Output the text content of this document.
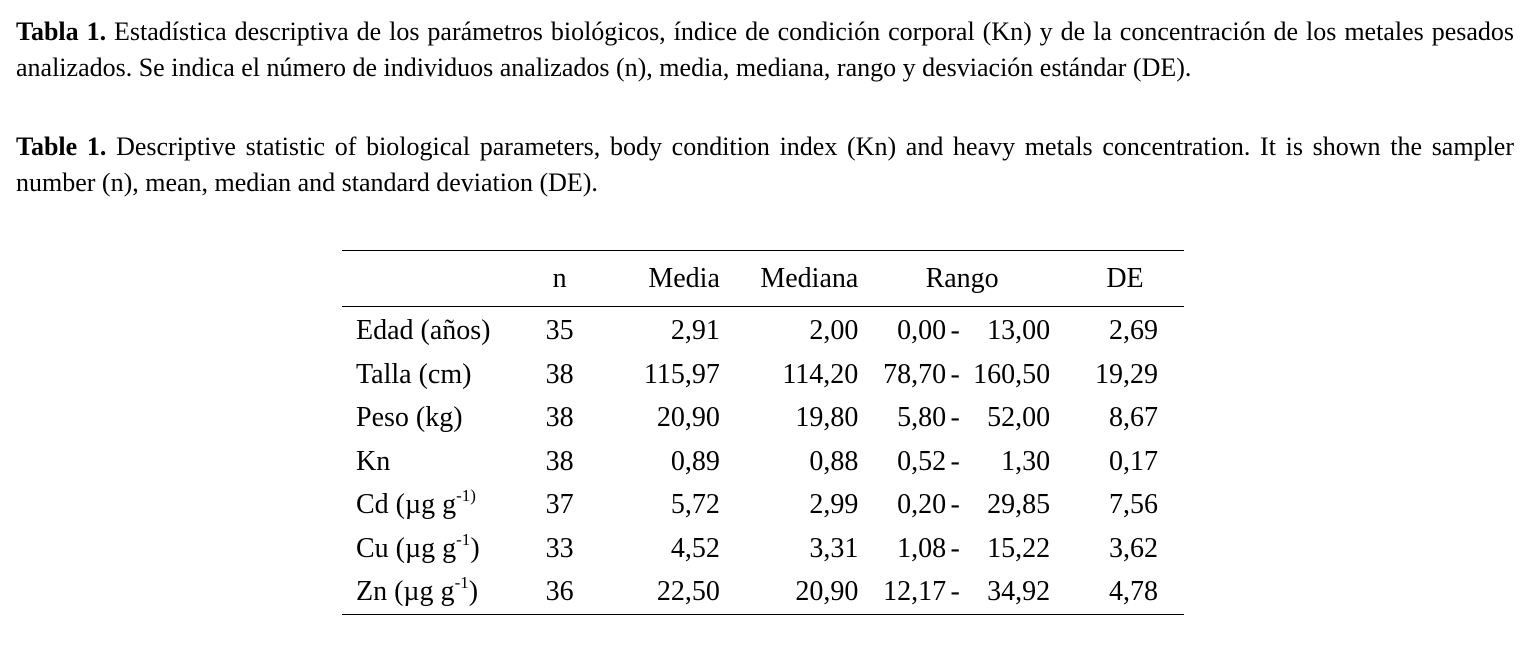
Tabla 1. Estadística descriptiva de los parámetros biológicos, índice de condición corporal (Kn) y de la concentración de los metales pesados analizados. Se indica el número de individuos analizados (n), media, mediana, rango y desviación estándar (DE).

Table 1. Descriptive statistic of biological parameters, body condition index (Kn) and heavy metals concentration. It is shown the sampler number (n), mean, median and standard deviation (DE).

	n	Media	Mediana	Rango	DE
Edad (años)	35	2,91	2,00	0,00 - 13,00	2,69
Talla (cm)	38	115,97	114,20	78,70 - 160,50	19,29
Peso (kg)	38	20,90	19,80	5,80 - 52,00	8,67
Kn	38	0,89	0,88	0,52 - 1,30	0,17
Cd (µg $g^{-1)}$	37	5,72	2,99	0,20 - 29,85	7,56
Cu (µg $g^{-1}$)	33	4,52	3,31	1,08 - 15,22	3,62
Zn (µg $g^{-1}$)	36	22,50	20,90	12,17 - 34,92	4,78
